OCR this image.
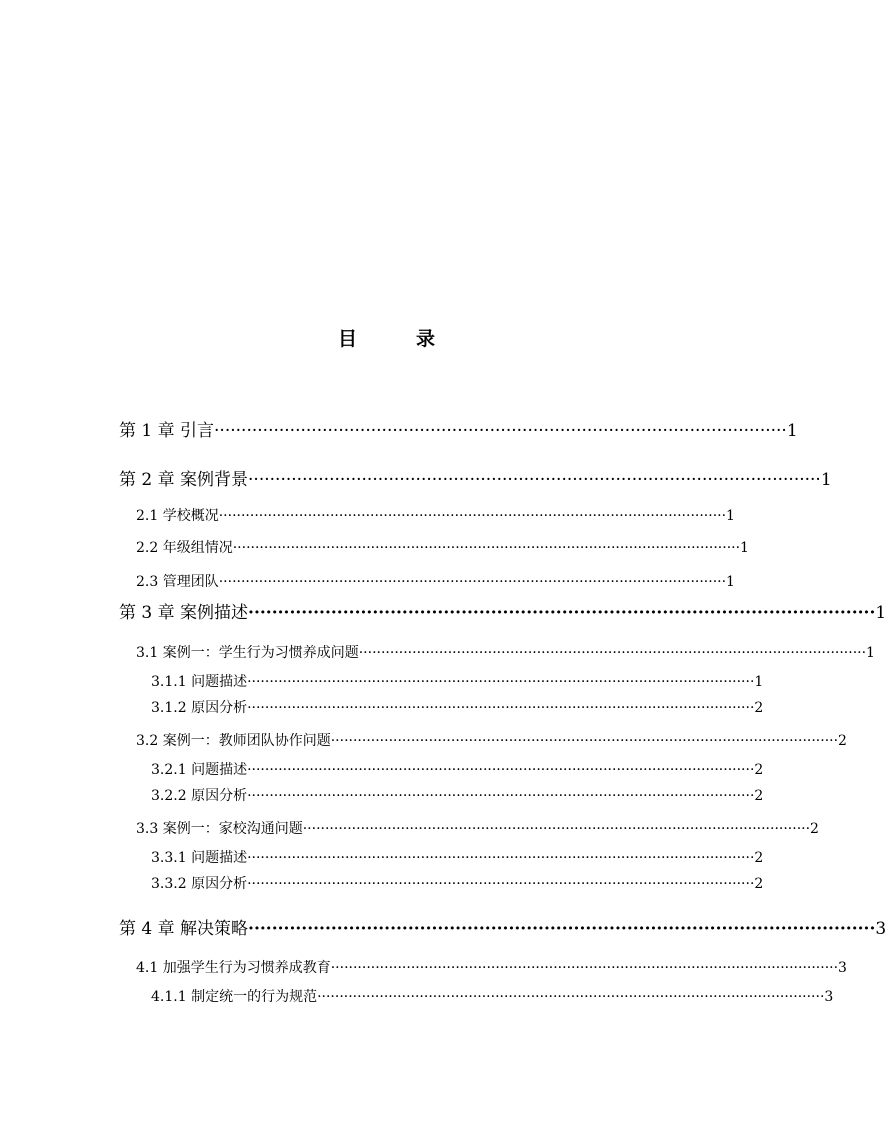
目　录
第 1 章 引言 ·········································································································· 1
第 2 章 案例背景 ·········································································································· 1
2.1 学校概况 ·················································································································· 1
2.2 年级组情况 ·················································································································· 1
2.3 管理团队 ·················································································································· 1
第 3 章 案例描述 ·········································································································· 1
3.1 案例一：学生行为习惯养成问题 ·················································································································· 1
3.1.1 问题描述 ·················································································································· 1
3.1.2 原因分析 ·················································································································· 2
3.2 案例一：教师团队协作问题 ·················································································································· 2
3.2.1 问题描述 ·················································································································· 2
3.2.2 原因分析 ·················································································································· 2
3.3 案例一：家校沟通问题 ·················································································································· 2
3.3.1 问题描述 ·················································································································· 2
3.3.2 原因分析 ·················································································································· 2
第 4 章 解决策略 ·········································································································· 3
4.1 加强学生行为习惯养成教育 ·················································································································· 3
4.1.1 制定统一的行为规范 ·················································································································· 3
